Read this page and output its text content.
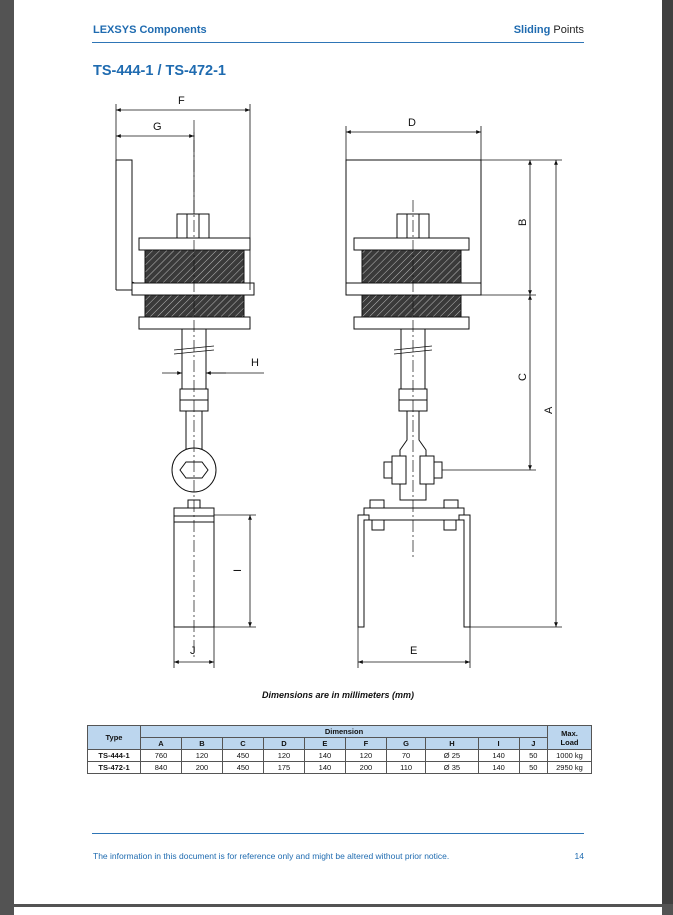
LEXSYS Components	Sliding Points
TS-444-1 / TS-472-1
F
G
H
I
J
D
B
C
A
E
Dimensions are in millimeters (mm)
Type	Dimension										Max.
Load
	A	B	C	D	E	F	G	H	I	J	
TS-444-1	760	120	450	120	140	120	70	Ø 25	140	50	1000 kg
TS-472-1	840	200	450	175	140	200	110	Ø 35	140	50	2950 kg
The information in this document is for reference only and might be altered without prior notice.	14
